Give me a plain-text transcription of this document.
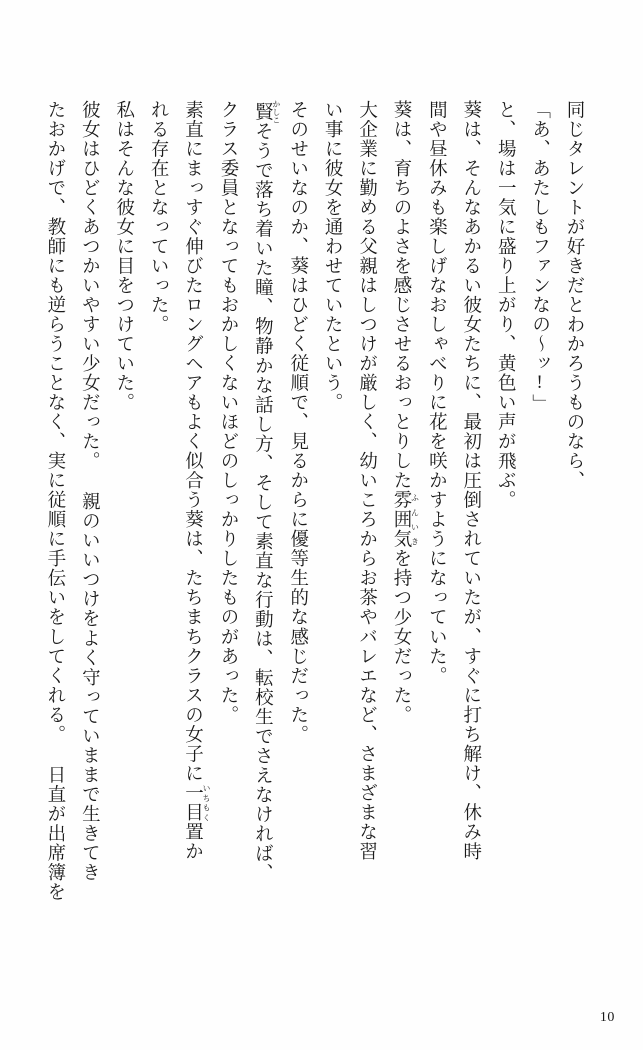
同じタレントが好きだとわかろうものなら、

「あ、あたしもファンなの〜ッ!」

と、場は一気に盛り上がり、黄色い声が飛ぶ。

葵は、そんなあかるい彼女たちに、最初は圧倒されていたが、すぐに打ち解け、休み時

間や昼休みも楽しげなおしゃべりに花を咲かすようになっていた。

葵は、育ちのよさを感じさせるおっとりした雰囲気 ふんいきを持つ少女だった。

大企業に勤める父親はしつけが厳しく、幼いころからお茶やバレエなど、さまざまな習

い事に彼女を通わせていたという。

そのせいなのか、葵はひどく従順で、見るからに優等生的な感じだった。

賢 かしこそうで落ち着いた瞳、物静かな話し方、そして素直な行動は、転校生でさえなければ、

クラス委員となってもおかしくないほどのしっかりしたものがあった。

素直にまっすぐ伸びたロングヘアもよく似合う葵は、たちまちクラスの女子に一目 いちもく置か

れる存在となっていった。

私はそんな彼女に目をつけていた。

彼女はひどくあつかいやすい少女だった。 親のいいつけをよく守っていままで生きてき

たおかげで、教師にも逆らうことなく、実に従順に手伝いをしてくれる。 日直が出席簿を

10
